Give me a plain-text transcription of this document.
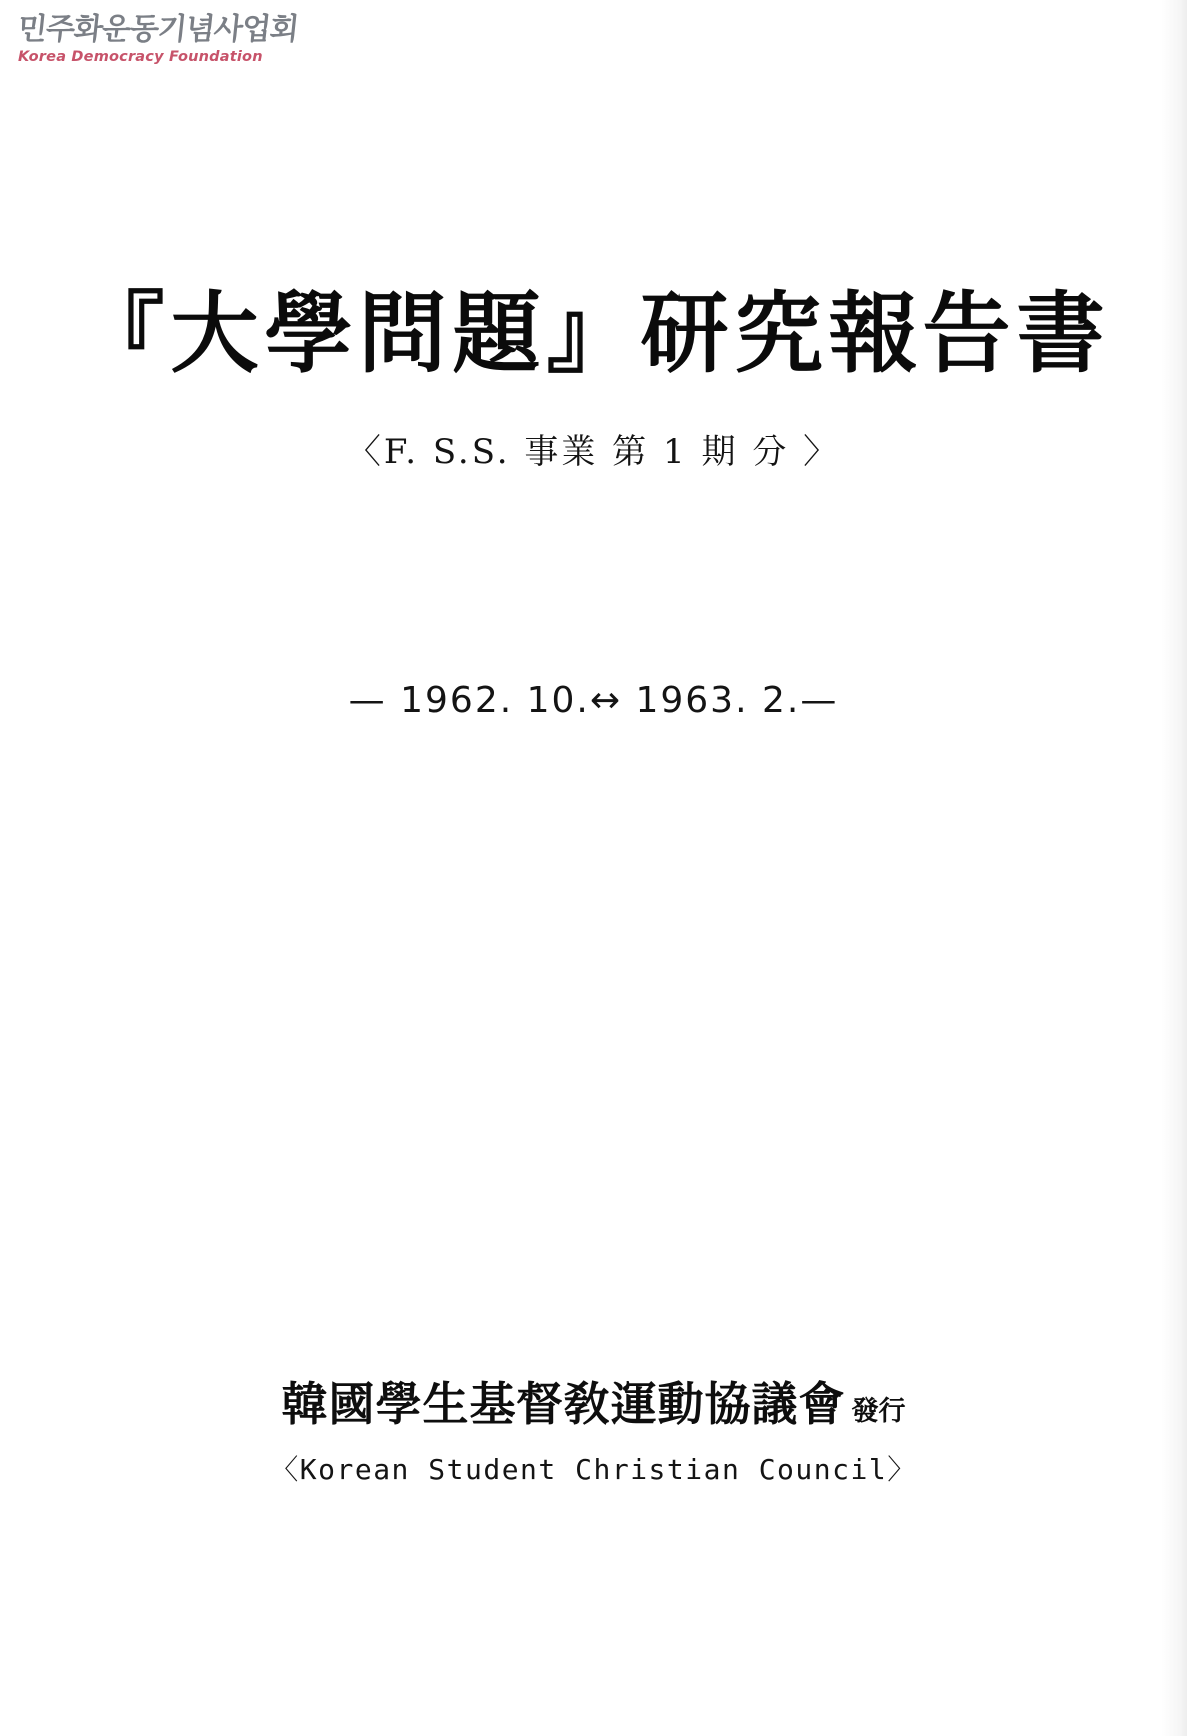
민주화운동기념사업회
Korea Democracy Foundation
『大學問題』研究報告書
〈F. S.S. 事業 第 1 期 分 〉
— 1962. 10.↔ 1963. 2.—
韓國學生基督敎運動協議會 發行
〈Korean Student Christian Council〉
